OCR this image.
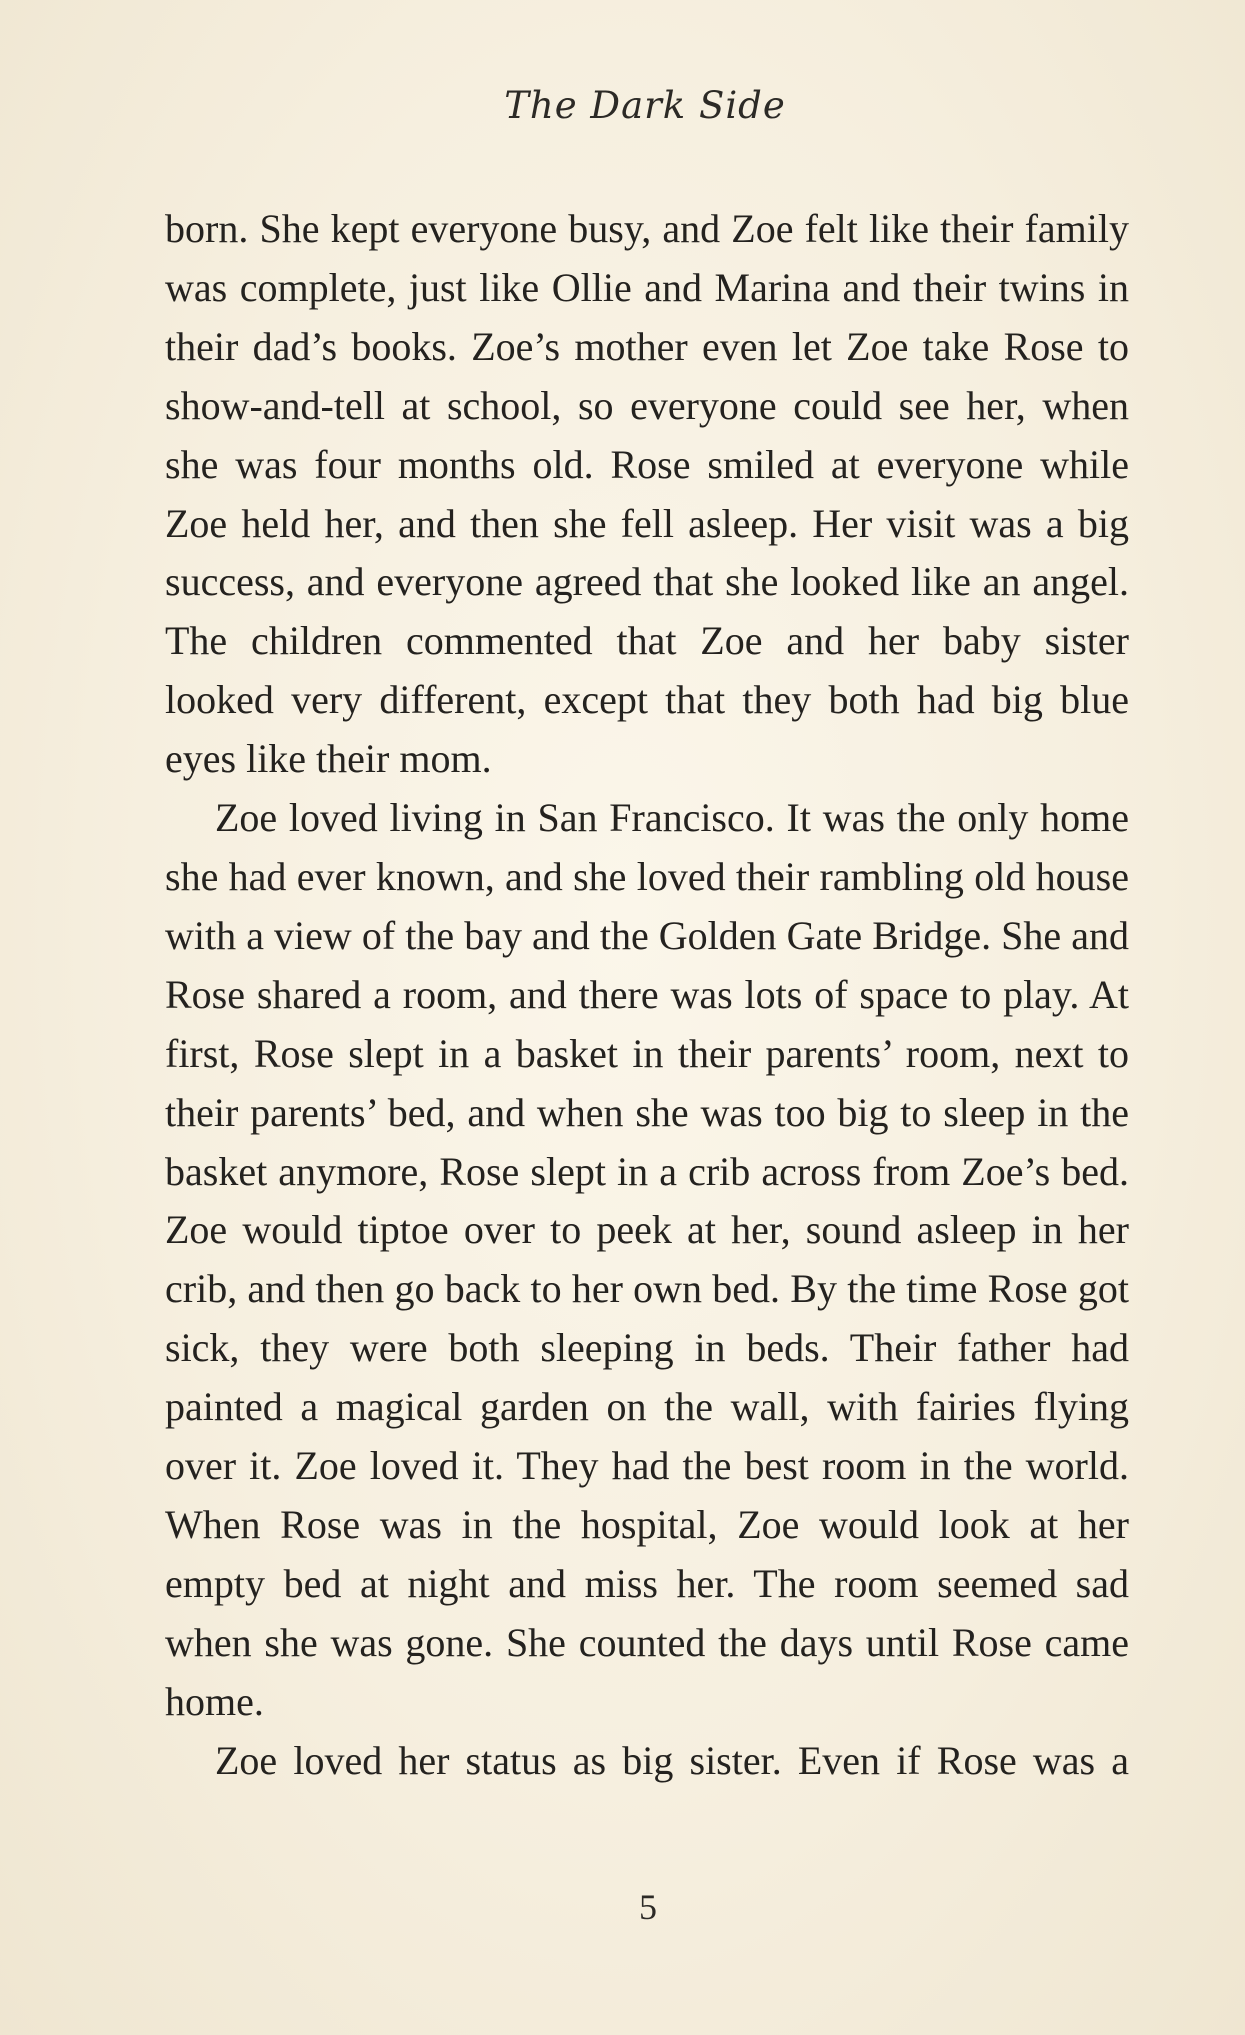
The Dark Side

born. She kept everyone busy, and Zoe felt like their family was complete, just like Ollie and Marina and their twins in their dad’s books. Zoe’s mother even let Zoe take Rose to show-and-tell at school, so everyone could see her, when she was four months old. Rose smiled at everyone while Zoe held her, and then she fell asleep. Her visit was a big success, and everyone agreed that she looked like an angel. The children commented that Zoe and her baby sister looked very different, except that they both had big blue eyes like their mom.

Zoe loved living in San Francisco. It was the only home she had ever known, and she loved their rambling old house with a view of the bay and the Golden Gate Bridge. She and Rose shared a room, and there was lots of space to play. At first, Rose slept in a basket in their parents’ room, next to their parents’ bed, and when she was too big to sleep in the basket anymore, Rose slept in a crib across from Zoe’s bed. Zoe would tiptoe over to peek at her, sound asleep in her crib, and then go back to her own bed. By the time Rose got sick, they were both sleeping in beds. Their father had painted a magical garden on the wall, with fairies flying over it. Zoe loved it. They had the best room in the world. When Rose was in the hospital, Zoe would look at her empty bed at night and miss her. The room seemed sad when she was gone. She counted the days until Rose came home.

Zoe loved her status as big sister. Even if Rose was a

5
